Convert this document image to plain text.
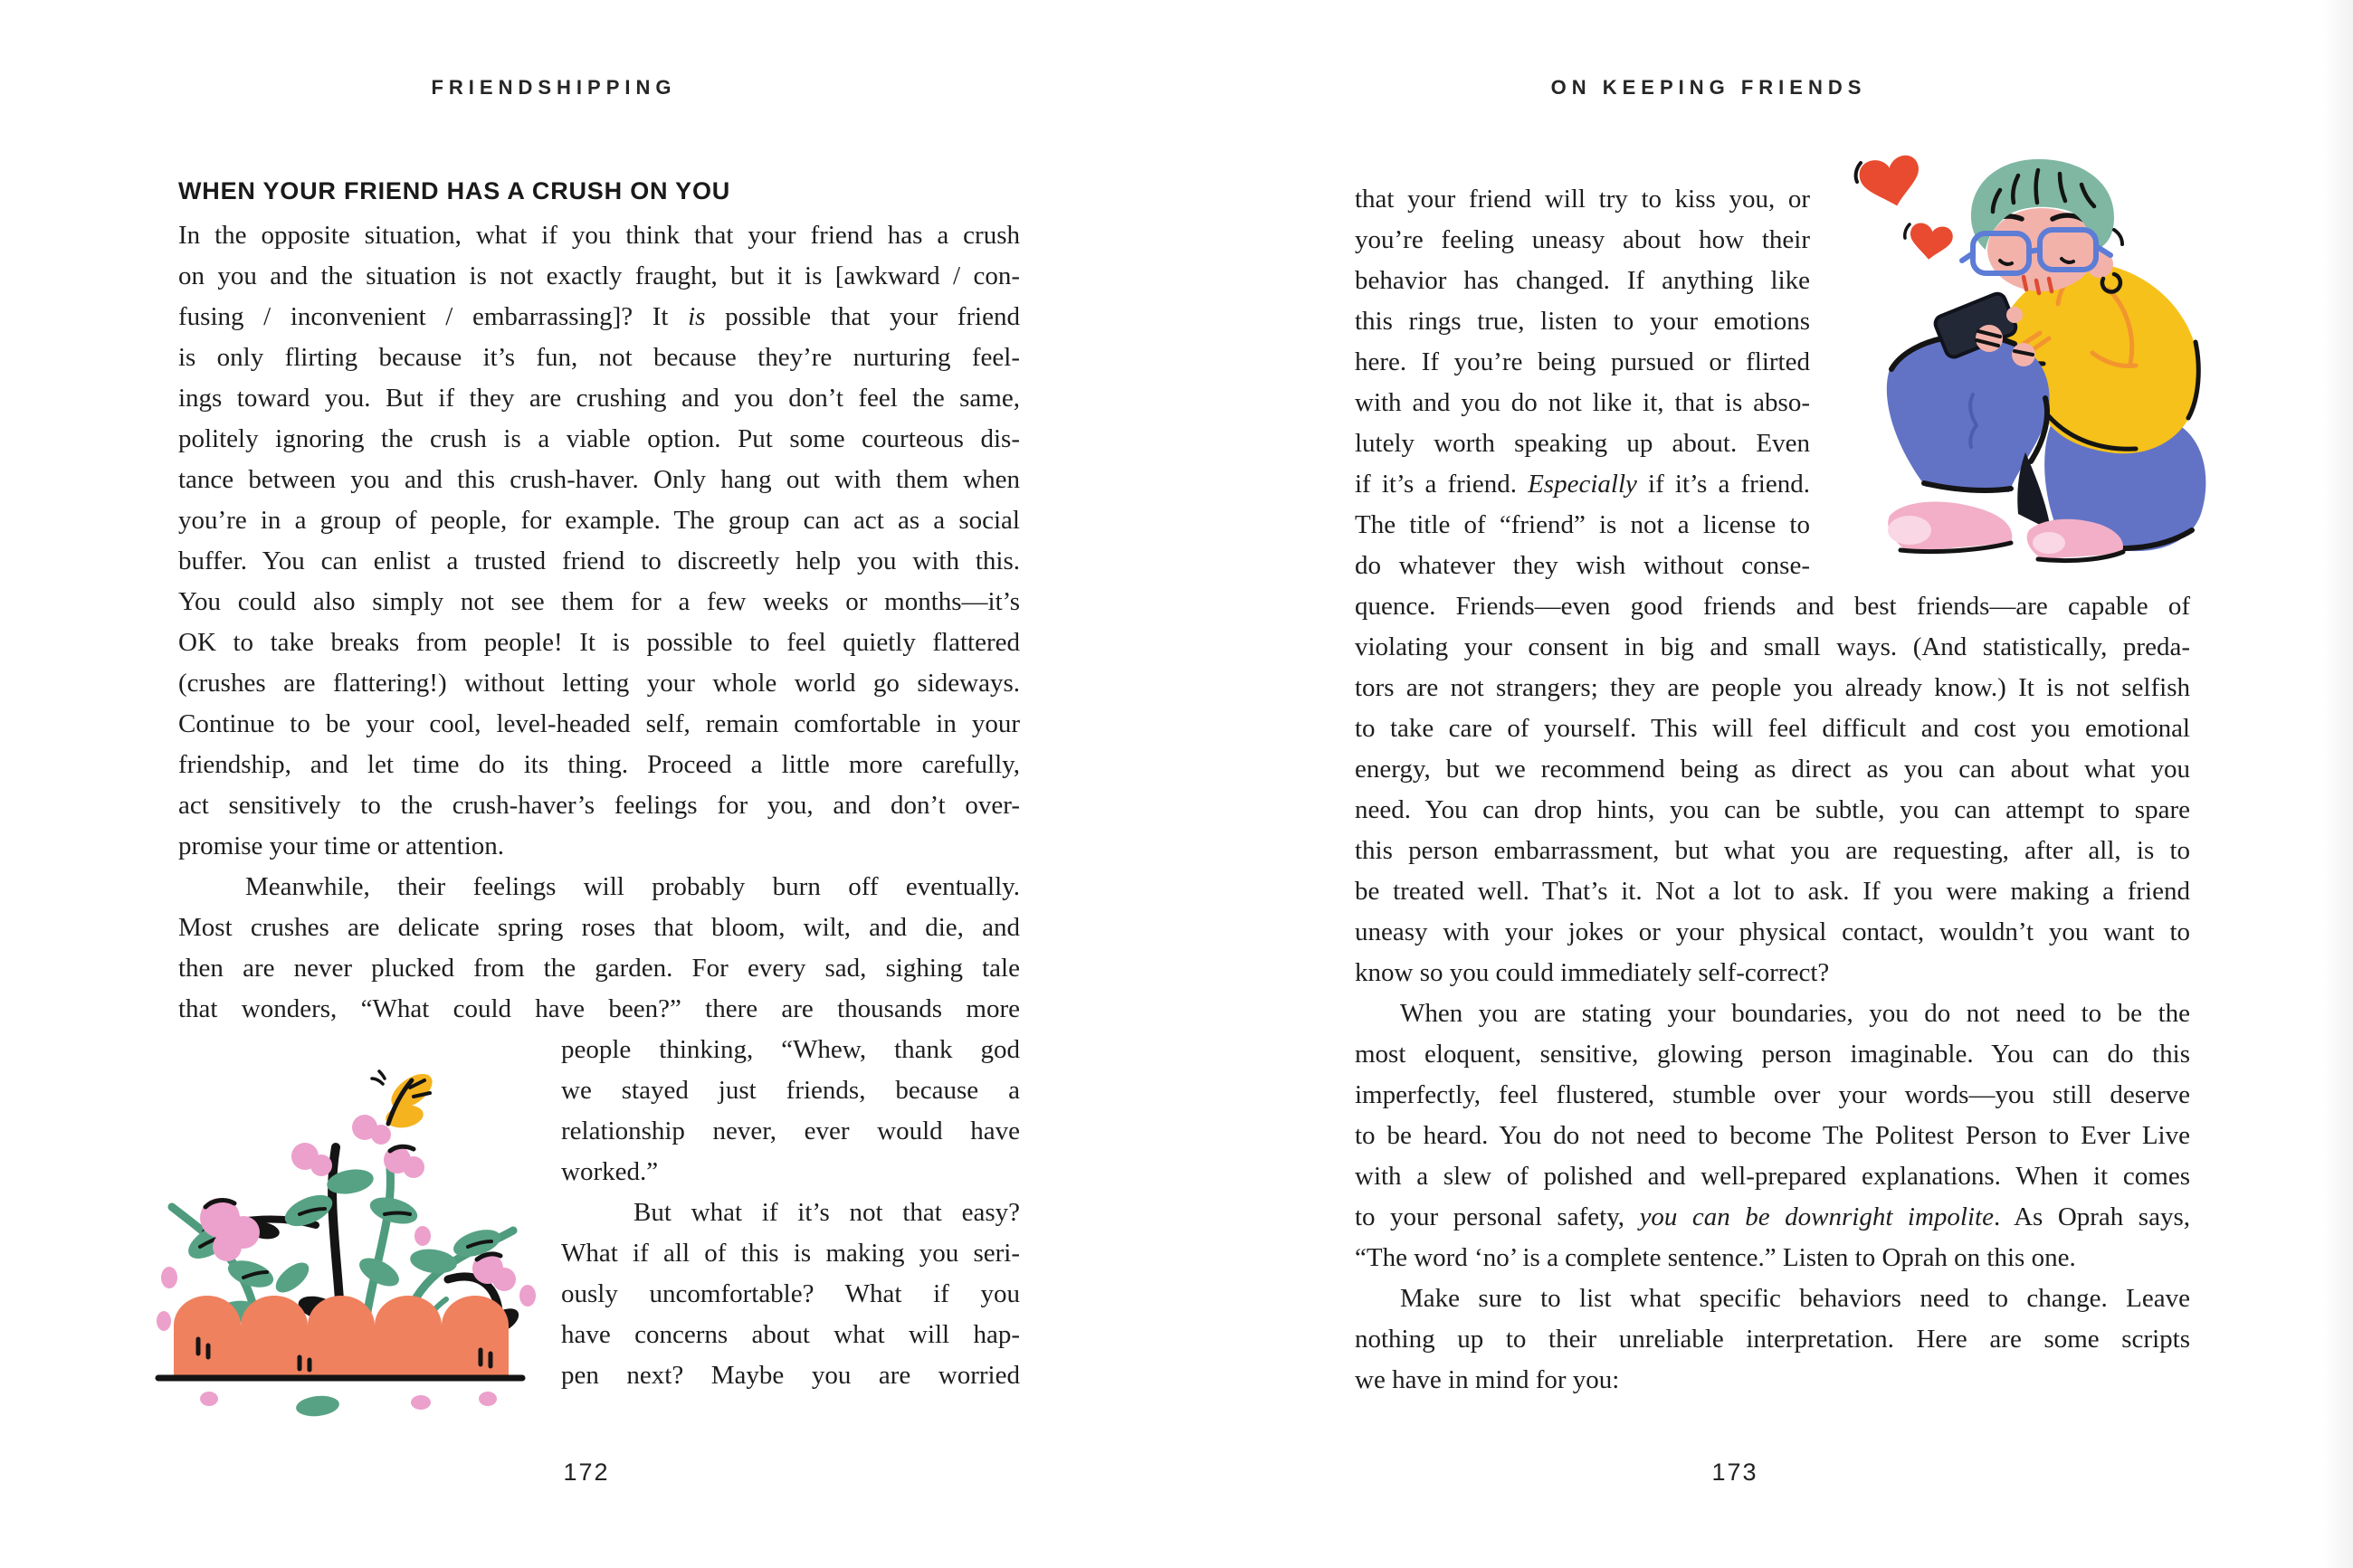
FRIENDSHIPPING
WHEN YOUR FRIEND HAS A CRUSH ON YOU
In the opposite situation, what if you think that your friend has a crush
on you and the situation is not exactly fraught, but it is [awkward / con-
fusing / inconvenient / embarrassing]? It is possible that your friend
is only flirting because it’s fun, not because they’re nurturing feel-
ings toward you. But if they are crushing and you don’t feel the same,
politely ignoring the crush is a viable option. Put some courteous dis-
tance between you and this crush-haver. Only hang out with them when
you’re in a group of people, for example. The group can act as a social
buffer. You can enlist a trusted friend to discreetly help you with this.
You could also simply not see them for a few weeks or months—it’s
OK to take breaks from people! It is possible to feel quietly flattered
(crushes are flattering!) without letting your whole world go sideways.
Continue to be your cool, level-headed self, remain comfortable in your
friendship, and let time do its thing. Proceed a little more carefully,
act sensitively to the crush-haver’s feelings for you, and don’t over-
promise your time or attention.
Meanwhile, their feelings will probably burn off eventually.
Most crushes are delicate spring roses that bloom, wilt, and die, and
then are never plucked from the garden. For every sad, sighing tale
that wonders, “What could have been?” there are thousands more
people thinking, “Whew, thank god
we stayed just friends, because a
relationship never, ever would have
worked.”
But what if it’s not that easy?
What if all of this is making you seri-
ously uncomfortable? What if you
have concerns about what will hap-
pen next? Maybe you are worried
172
ON KEEPING FRIENDS
that your friend will try to kiss you, or
you’re feeling uneasy about how their
behavior has changed. If anything like
this rings true, listen to your emotions
here. If you’re being pursued or flirted
with and you do not like it, that is abso-
lutely worth speaking up about. Even
if it’s a friend. Especially if it’s a friend.
The title of “friend” is not a license to
do whatever they wish without conse-
quence. Friends—even good friends and best friends—are capable of
violating your consent in big and small ways. (And statistically, preda-
tors are not strangers; they are people you already know.) It is not selfish
to take care of yourself. This will feel difficult and cost you emotional
energy, but we recommend being as direct as you can about what you
need. You can drop hints, you can be subtle, you can attempt to spare
this person embarrassment, but what you are requesting, after all, is to
be treated well. That’s it. Not a lot to ask. If you were making a friend
uneasy with your jokes or your physical contact, wouldn’t you want to
know so you could immediately self-correct?
When you are stating your boundaries, you do not need to be the
most eloquent, sensitive, glowing person imaginable. You can do this
imperfectly, feel flustered, stumble over your words—you still deserve
to be heard. You do not need to become The Politest Person to Ever Live
with a slew of polished and well-prepared explanations. When it comes
to your personal safety, you can be downright impolite. As Oprah says,
“The word ‘no’ is a complete sentence.” Listen to Oprah on this one.
Make sure to list what specific behaviors need to change. Leave
nothing up to their unreliable interpretation. Here are some scripts
we have in mind for you:
173
